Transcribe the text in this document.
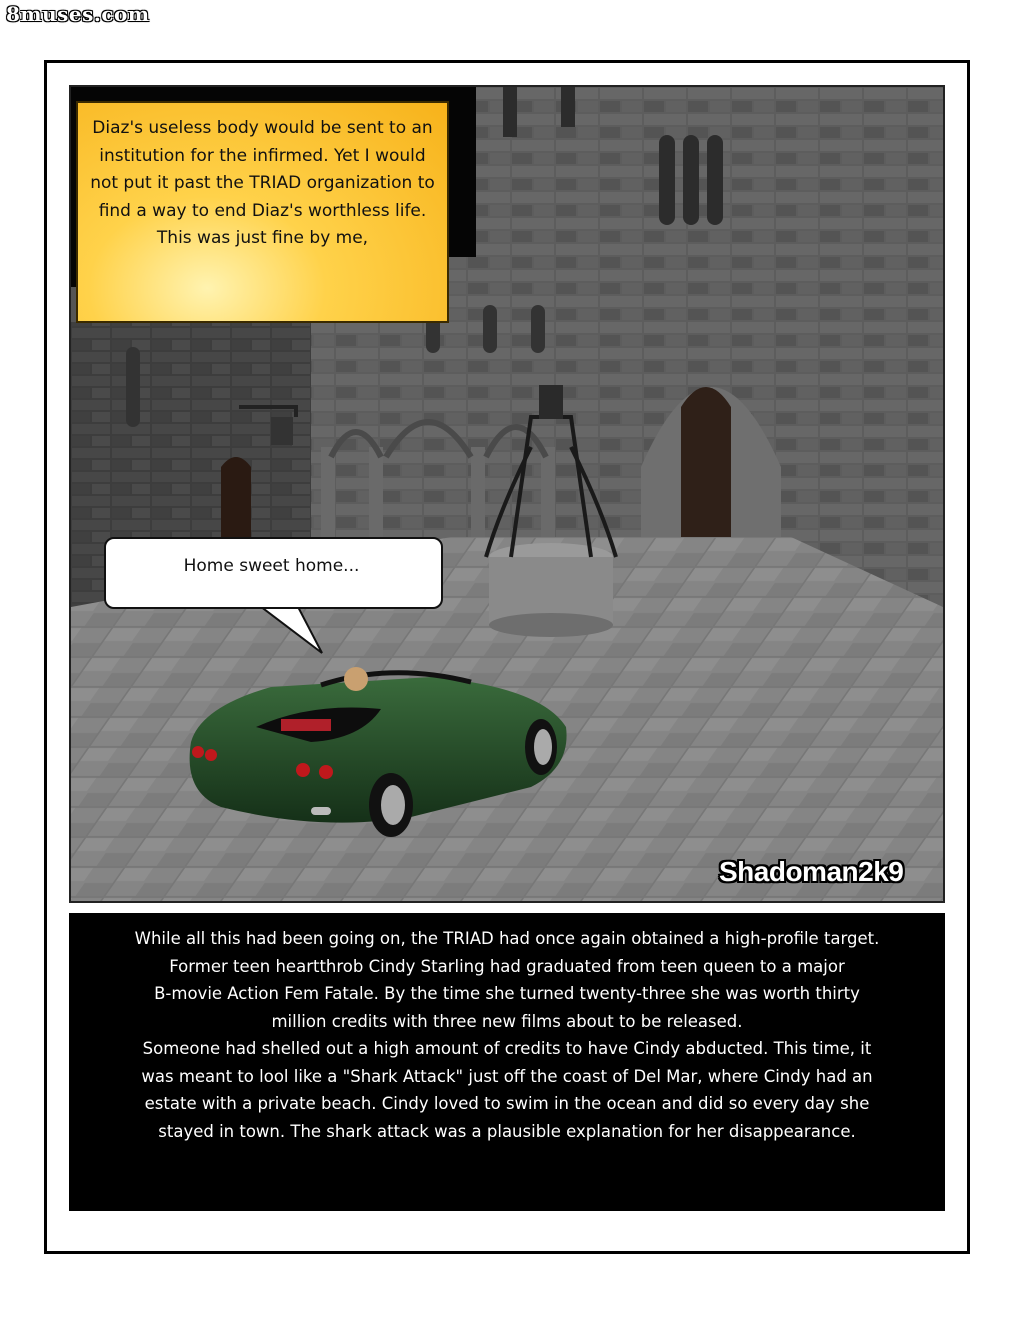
8muses.com
Diaz's useless body would be sent to an institution for the infirmed. Yet I would not put it past the TRIAD organization to find a way to end Diaz's worthless life. This was just fine by me,
Home sweet home...
Shadoman2k9
While all this had been going on, the TRIAD had once again obtained a high-profile target.
Former teen heartthrob Cindy Starling had graduated from teen queen to a major
B-movie Action Fem Fatale. By the time she turned twenty-three she was worth thirty
million credits with three new films about to be released.
Someone had shelled out a high amount of credits to have Cindy abducted. This time, it
was meant to lool like a "Shark Attack" just off the coast of Del Mar, where Cindy had an
estate with a private beach. Cindy loved to swim in the ocean and did so every day she
stayed in town. The shark attack was a plausible explanation for her disappearance.
